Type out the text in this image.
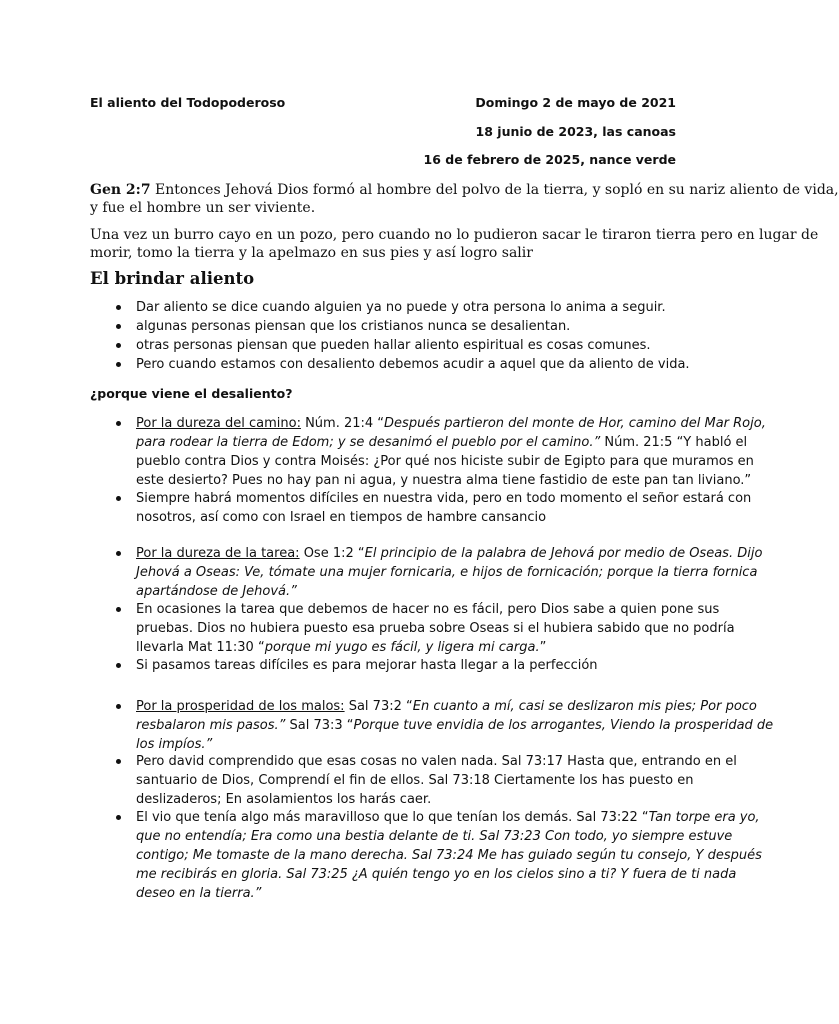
El aliento del Todopoderoso	Domingo 2 de mayo de 2021
18 junio de 2023, las canoas
16 de febrero de 2025, nance verde
Gen 2:7 Entonces Jehová Dios formó al hombre del polvo de la tierra, y sopló en su nariz aliento de vida,
y fue el hombre un ser viviente.
Una vez un burro cayo en un pozo, pero cuando no lo pudieron sacar le tiraron tierra pero en lugar de
morir, tomo la tierra y la apelmazo en sus pies y así logro salir
El brindar aliento
Dar aliento se dice cuando alguien ya no puede y otra persona lo anima a seguir.
algunas personas piensan que los cristianos nunca se desalientan.
otras personas piensan que pueden hallar aliento espiritual es cosas comunes.
Pero cuando estamos con desaliento debemos acudir a aquel que da aliento de vida.
¿porque viene el desaliento?
Por la dureza del camino: Núm. 21:4 “Después partieron del monte de Hor, camino del Mar Rojo,
para rodear la tierra de Edom; y se desanimó el pueblo por el camino.” Núm. 21:5 “Y habló el
pueblo contra Dios y contra Moisés: ¿Por qué nos hiciste subir de Egipto para que muramos en
este desierto? Pues no hay pan ni agua, y nuestra alma tiene fastidio de este pan tan liviano.”
Siempre habrá momentos difíciles en nuestra vida, pero en todo momento el señor estará con
nosotros, así como con Israel en tiempos de hambre cansancio
Por la dureza de la tarea: Ose 1:2 “El principio de la palabra de Jehová por medio de Oseas. Dijo
Jehová a Oseas: Ve, tómate una mujer fornicaria, e hijos de fornicación; porque la tierra fornica
apartándose de Jehová.”
En ocasiones la tarea que debemos de hacer no es fácil, pero Dios sabe a quien pone sus
pruebas. Dios no hubiera puesto esa prueba sobre Oseas si el hubiera sabido que no podría
llevarla Mat 11:30 “porque mi yugo es fácil, y ligera mi carga.”
Si pasamos tareas difíciles es para mejorar hasta llegar a la perfección
Por la prosperidad de los malos: Sal 73:2 “En cuanto a mí, casi se deslizaron mis pies; Por poco
resbalaron mis pasos.” Sal 73:3 “Porque tuve envidia de los arrogantes, Viendo la prosperidad de
los impíos.”
Pero david comprendido que esas cosas no valen nada. Sal 73:17 Hasta que, entrando en el
santuario de Dios, Comprendí el fin de ellos. Sal 73:18 Ciertamente los has puesto en
deslizaderos; En asolamientos los harás caer.
El vio que tenía algo más maravilloso que lo que tenían los demás. Sal 73:22 “Tan torpe era yo,
que no entendía; Era como una bestia delante de ti. Sal 73:23 Con todo, yo siempre estuve
contigo; Me tomaste de la mano derecha. Sal 73:24 Me has guiado según tu consejo, Y después
me recibirás en gloria. Sal 73:25 ¿A quién tengo yo en los cielos sino a ti? Y fuera de ti nada
deseo en la tierra.”
